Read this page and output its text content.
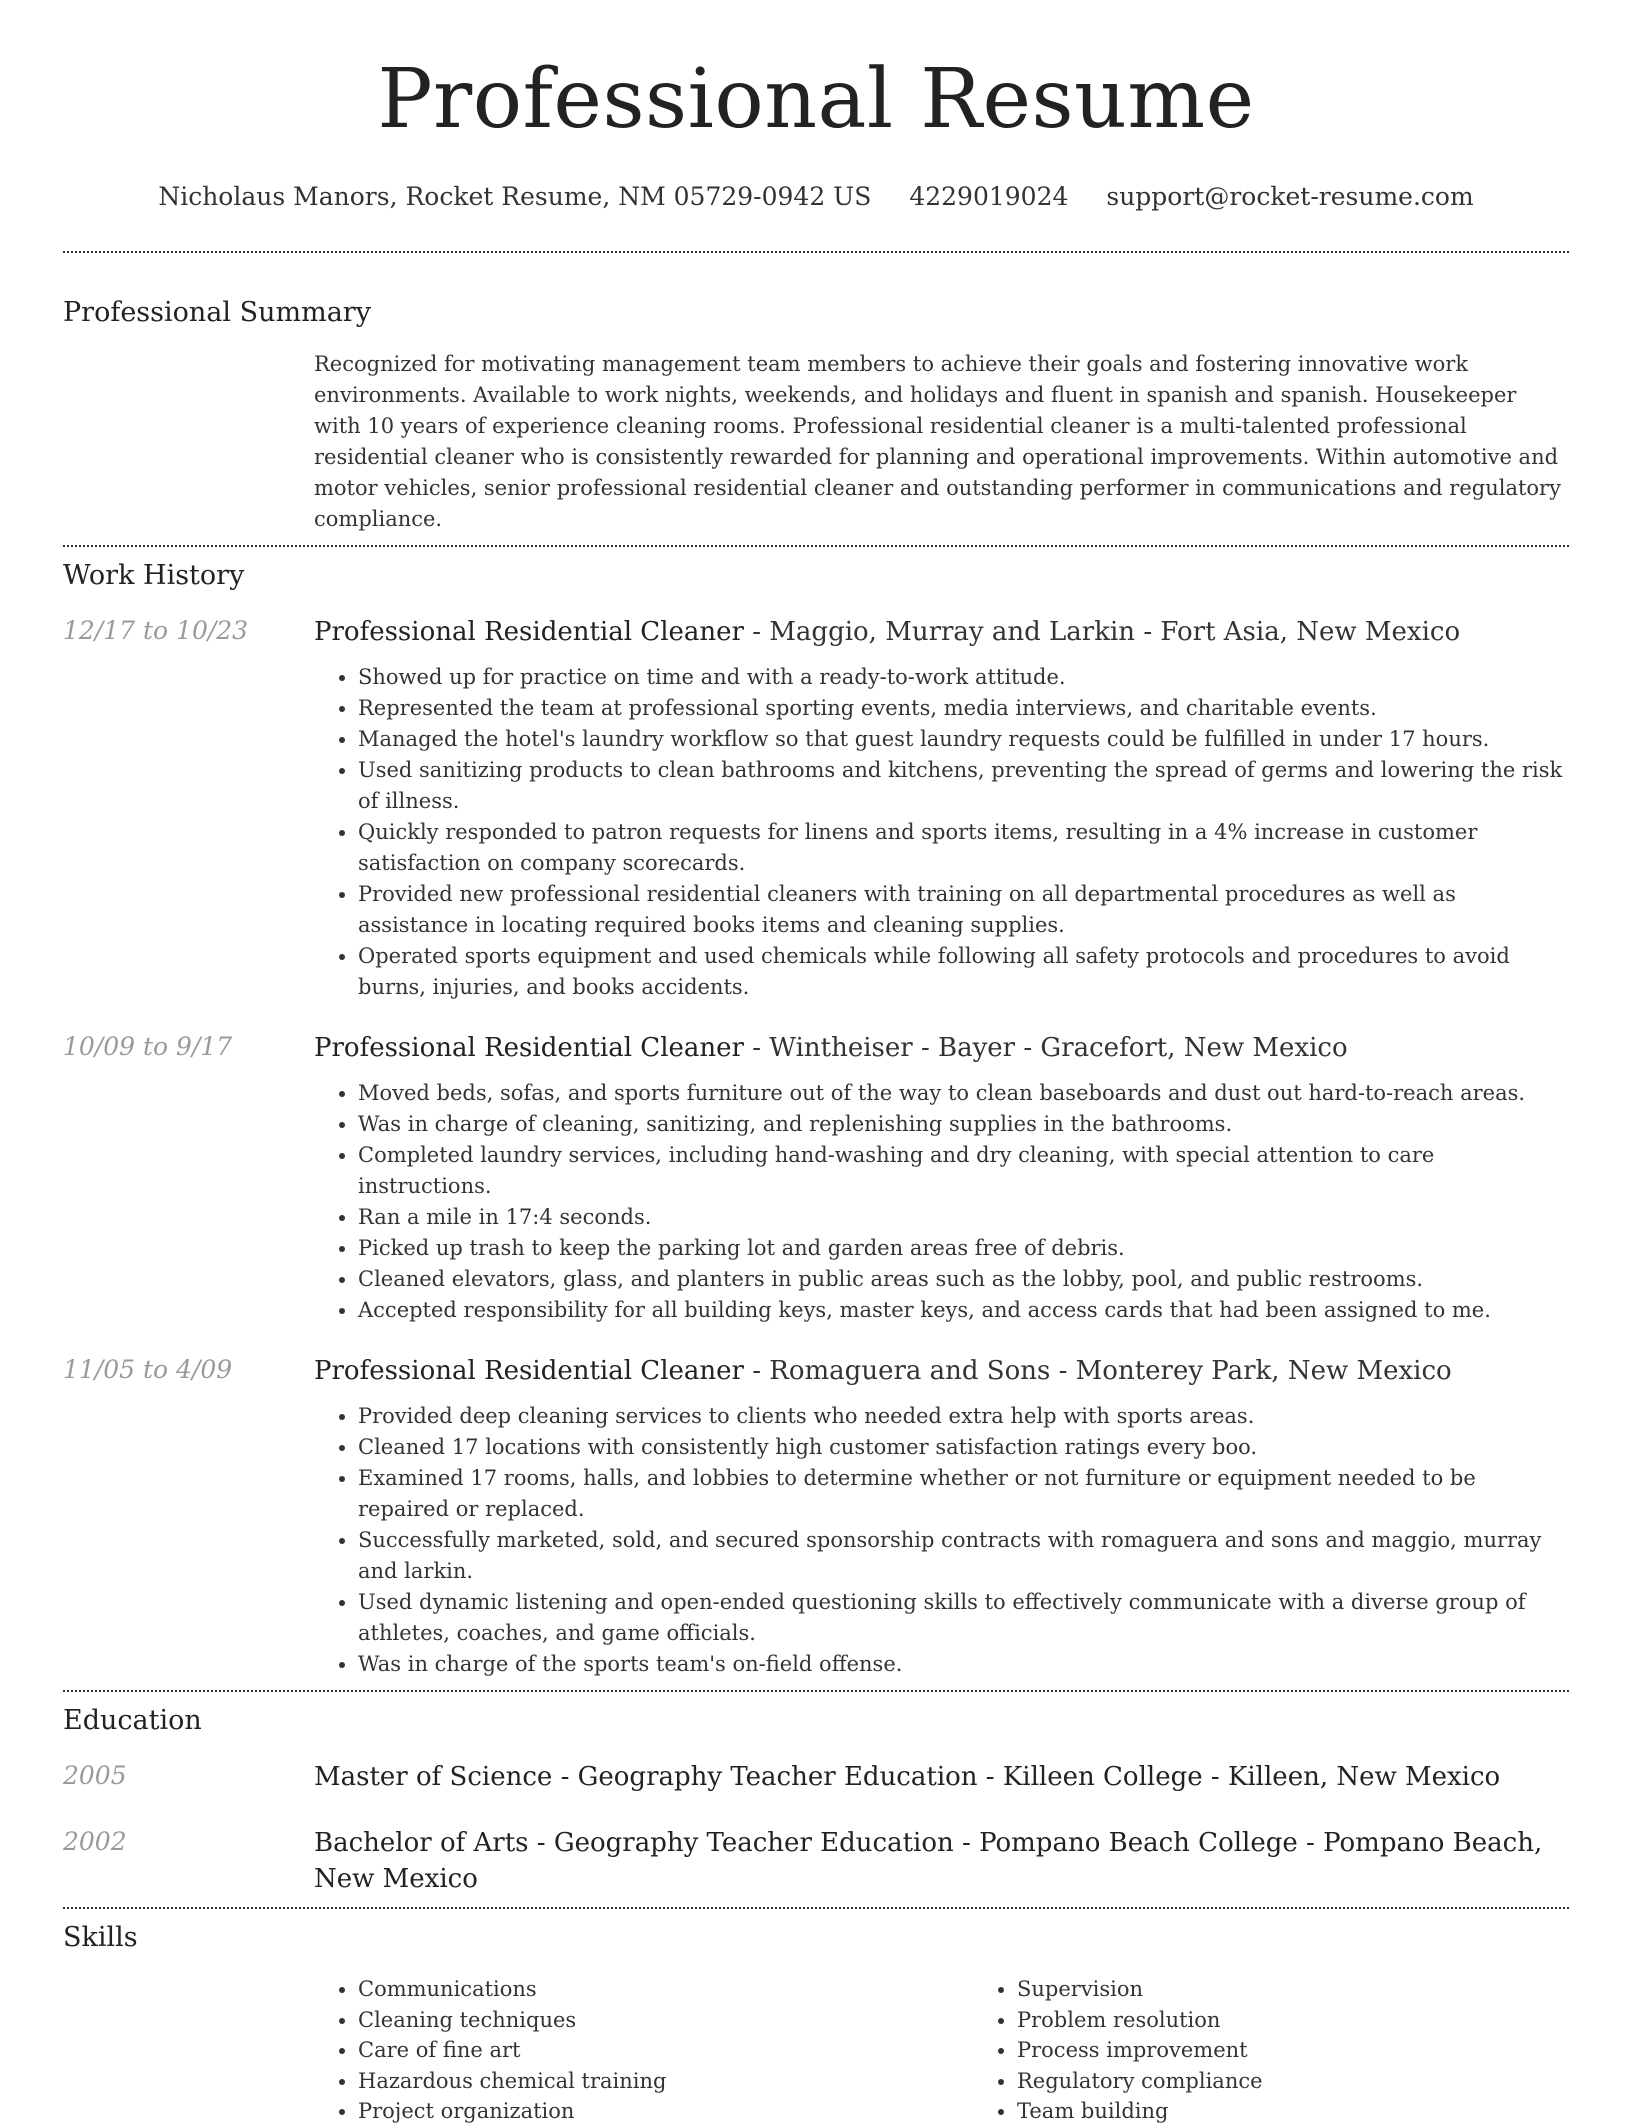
Professional Resume
Nicholaus Manors, Rocket Resume, NM 05729-0942 US 4229019024 support@rocket-resume.com
Professional Summary

Recognized for motivating management team members to achieve their goals and fostering innovative work environments. Available to work nights, weekends, and holidays and fluent in spanish and spanish. Housekeeper with 10 years of experience cleaning rooms. Professional residential cleaner is a multi-talented professional residential cleaner who is consistently rewarded for planning and operational improvements. Within automotive and motor vehicles, senior professional residential cleaner and outstanding performer in communications and regulatory compliance.

Work History
12/17 to 10/23	Professional Residential Cleaner - Maggio, Murray and Larkin - Fort Asia, New Mexico
• Showed up for practice on time and with a ready-to-work attitude.
• Represented the team at professional sporting events, media interviews, and charitable events.
• Managed the hotel's laundry workflow so that guest laundry requests could be fulfilled in under 17 hours.
• Used sanitizing products to clean bathrooms and kitchens, preventing the spread of germs and lowering the risk of illness.
• Quickly responded to patron requests for linens and sports items, resulting in a 4% increase in customer satisfaction on company scorecards.
• Provided new professional residential cleaners with training on all departmental procedures as well as assistance in locating required books items and cleaning supplies.
• Operated sports equipment and used chemicals while following all safety protocols and procedures to avoid burns, injuries, and books accidents.
10/09 to 9/17	Professional Residential Cleaner - Wintheiser - Bayer - Gracefort, New Mexico
• Moved beds, sofas, and sports furniture out of the way to clean baseboards and dust out hard-to-reach areas.
• Was in charge of cleaning, sanitizing, and replenishing supplies in the bathrooms.
• Completed laundry services, including hand-washing and dry cleaning, with special attention to care instructions.
• Ran a mile in 17:4 seconds.
• Picked up trash to keep the parking lot and garden areas free of debris.
• Cleaned elevators, glass, and planters in public areas such as the lobby, pool, and public restrooms.
• Accepted responsibility for all building keys, master keys, and access cards that had been assigned to me.
11/05 to 4/09	Professional Residential Cleaner - Romaguera and Sons - Monterey Park, New Mexico
• Provided deep cleaning services to clients who needed extra help with sports areas.
• Cleaned 17 locations with consistently high customer satisfaction ratings every boo.
• Examined 17 rooms, halls, and lobbies to determine whether or not furniture or equipment needed to be repaired or replaced.
• Successfully marketed, sold, and secured sponsorship contracts with romaguera and sons and maggio, murray and larkin.
• Used dynamic listening and open-ended questioning skills to effectively communicate with a diverse group of athletes, coaches, and game officials.
• Was in charge of the sports team's on-field offense.
Education
2005	Master of Science - Geography Teacher Education - Killeen College - Killeen, New Mexico
2002	Bachelor of Arts - Geography Teacher Education - Pompano Beach College - Pompano Beach, New Mexico
Skills
• Communications
• Cleaning techniques
• Care of fine art
• Hazardous chemical training
• Project organization
• Supervision
• Problem resolution
• Process improvement
• Regulatory compliance
• Team building
